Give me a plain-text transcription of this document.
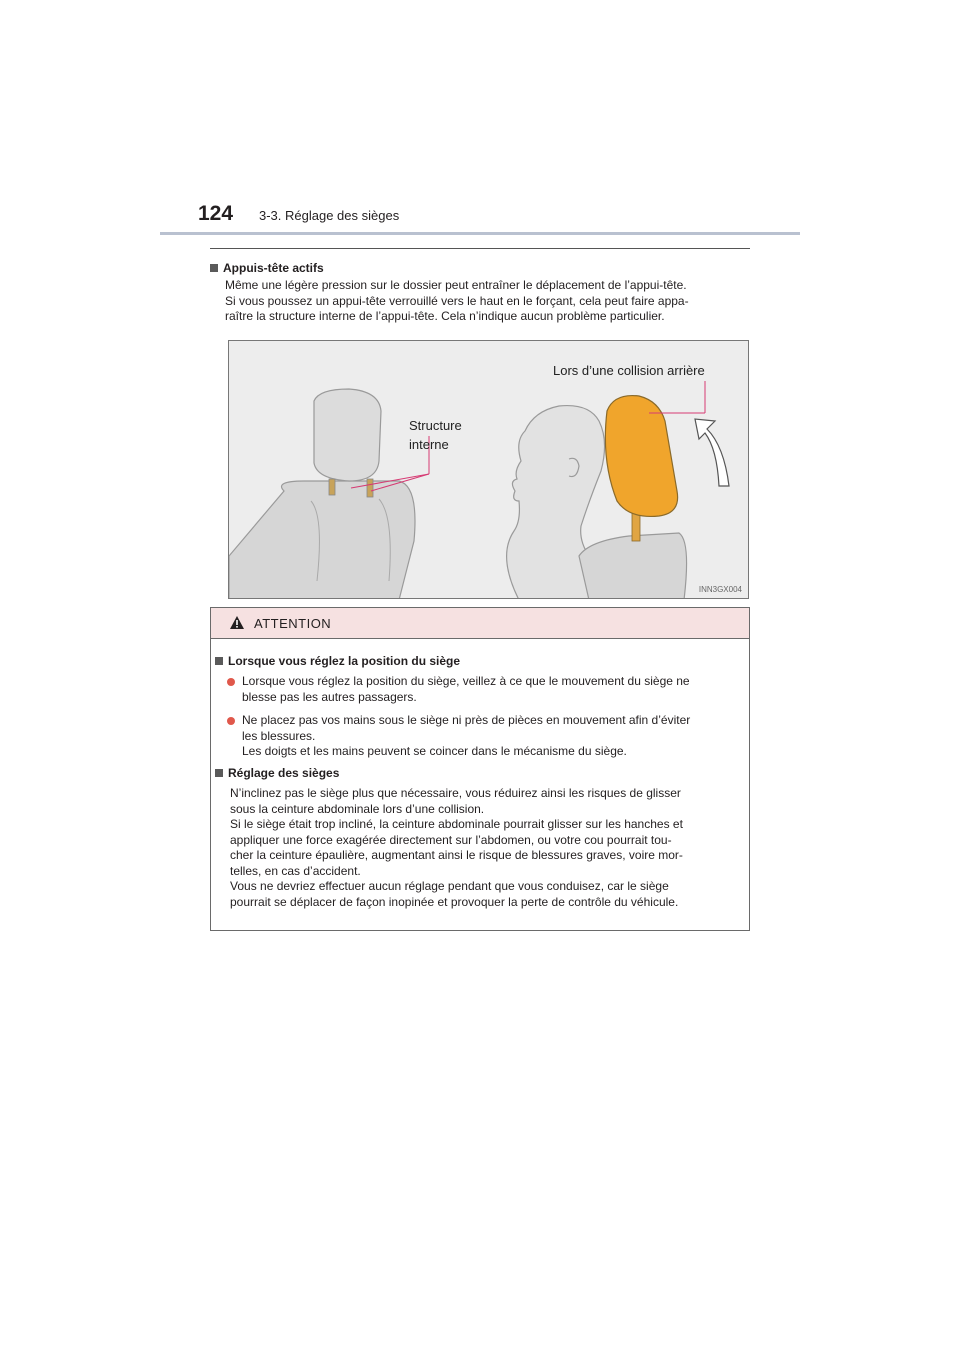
124 3-3. Réglage des sièges
Appuis-tête actifs
Même une légère pression sur le dossier peut entraîner le déplacement de l’appui-tête.
Si vous poussez un appui-tête verrouillé vers le haut en le forçant, cela peut faire appa-
raître la structure interne de l’appui-tête. Cela n’indique aucun problème particulier.
Lors d’une collision arrière
Structure
interne
INN3GX004
ATTENTION
Lorsque vous réglez la position du siège
Lorsque vous réglez la position du siège, veillez à ce que le mouvement du siège ne
blesse pas les autres passagers.
Ne placez pas vos mains sous le siège ni près de pièces en mouvement afin d’éviter
les blessures.
Les doigts et les mains peuvent se coincer dans le mécanisme du siège.
Réglage des sièges
N’inclinez pas le siège plus que nécessaire, vous réduirez ainsi les risques de glisser
sous la ceinture abdominale lors d’une collision.
Si le siège était trop incliné, la ceinture abdominale pourrait glisser sur les hanches et
appliquer une force exagérée directement sur l’abdomen, ou votre cou pourrait tou-
cher la ceinture épaulière, augmentant ainsi le risque de blessures graves, voire mor-
telles, en cas d’accident.
Vous ne devriez effectuer aucun réglage pendant que vous conduisez, car le siège
pourrait se déplacer de façon inopinée et provoquer la perte de contrôle du véhicule.
